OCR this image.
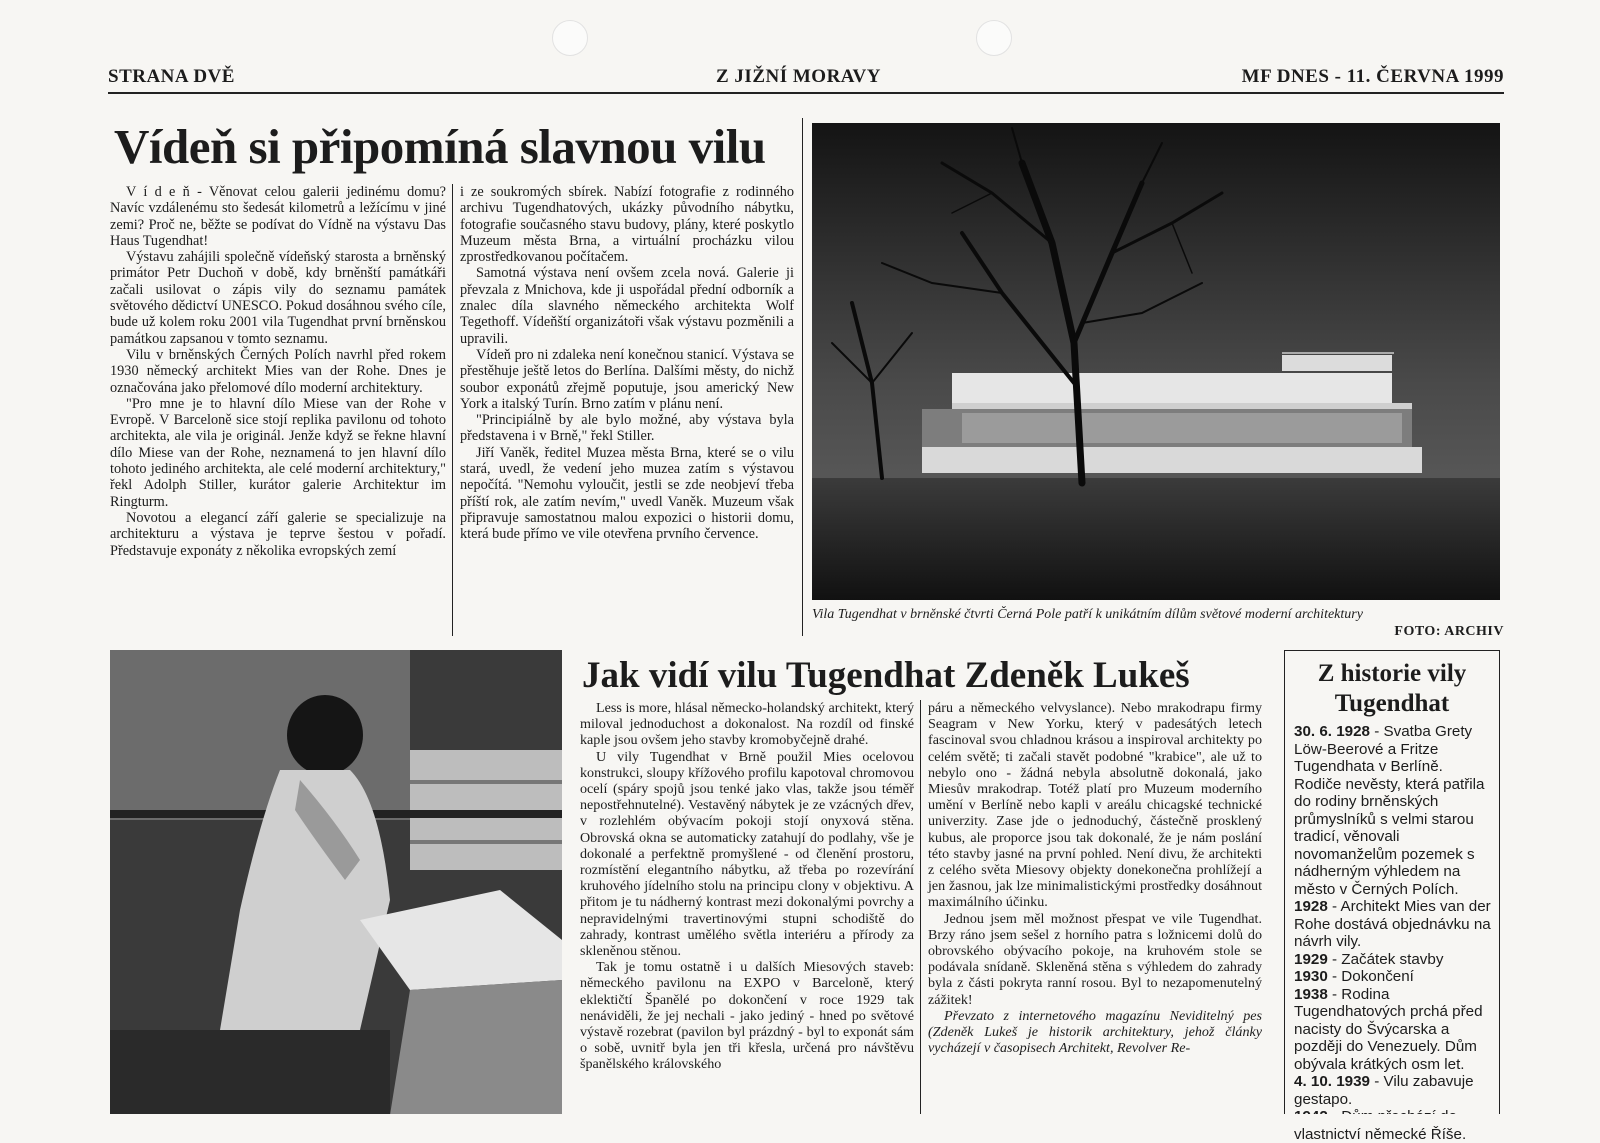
STRANA DVĚ	Z JIŽNÍ MORAVY	MF DNES - 11. ČERVNA 1999
Vídeň si připomíná slavnou vilu

V í d e ň - Věnovat celou galerii jedinému domu? Navíc vzdálenému sto šedesát kilometrů a ležícímu v jiné zemi? Proč ne, běžte se podívat do Vídně na výstavu Das Haus Tugendhat!

Výstavu zahájili společně vídeňský starosta a brněnský primátor Petr Duchoň v době, kdy brněnští památkáři začali usilovat o zápis vily do seznamu památek světového dědictví UNESCO. Pokud dosáhnou svého cíle, bude už kolem roku 2001 vila Tugendhat první brněnskou památkou zapsanou v tomto seznamu.

Vilu v brněnských Černých Polích navrhl před rokem 1930 německý architekt Mies van der Rohe. Dnes je označována jako přelomové dílo moderní architektury.

"Pro mne je to hlavní dílo Miese van der Rohe v Evropě. V Barceloně sice stojí replika pavilonu od tohoto architekta, ale vila je originál. Jenže když se řekne hlavní dílo Miese van der Rohe, neznamená to jen hlavní dílo tohoto jediného architekta, ale celé moderní architektury," řekl Adolph Stiller, kurátor galerie Architektur im Ringturm.

Novotou a elegancí září galerie se specializuje na architekturu a výstava je teprve šestou v pořadí. Představuje exponáty z několika evropských zemí

i ze soukromých sbírek. Nabízí fotografie z rodinného archivu Tugendhatových, ukázky původního nábytku, fotografie současného stavu budovy, plány, které poskytlo Muzeum města Brna, a virtuální procházku vilou zprostředkovanou počítačem.

Samotná výstava není ovšem zcela nová. Galerie ji převzala z Mnichova, kde ji uspořádal přední odborník a znalec díla slavného německého architekta Wolf Tegethoff. Vídeňští organizátoři však výstavu pozměnili a upravili.

Vídeň pro ni zdaleka není konečnou stanicí. Výstava se přestěhuje ještě letos do Berlína. Dalšími městy, do nichž soubor exponátů zřejmě poputuje, jsou americký New York a italský Turín. Brno zatím v plánu není.

"Principiálně by ale bylo možné, aby výstava byla představena i v Brně," řekl Stiller.

Jiří Vaněk, ředitel Muzea města Brna, které se o vilu stará, uvedl, že vedení jeho muzea zatím s výstavou nepočítá. "Nemohu vyloučit, jestli se zde neobjeví třeba příští rok, ale zatím nevím," uvedl Vaněk. Muzeum však připravuje samostatnou malou expozici o historii domu, která bude přímo ve vile otevřena prvního července.

Vila Tugendhat v brněnské čtvrti Černá Pole patří k unikátním dílům světové moderní architektury
FOTO: ARCHIV
Jak vidí vilu Tugendhat Zdeněk Lukeš

Less is more, hlásal německo-holandský architekt, který miloval jednoduchost a dokonalost. Na rozdíl od finské kaple jsou ovšem jeho stavby kromobyčejně drahé.

U vily Tugendhat v Brně použil Mies ocelovou konstrukci, sloupy křížového profilu kapotoval chromovou ocelí (spáry spojů jsou tenké jako vlas, takže jsou téměř nepostřehnutelné). Vestavěný nábytek je ze vzácných dřev, v rozlehlém obývacím pokoji stojí onyxová stěna. Obrovská okna se automaticky zatahují do podlahy, vše je dokonalé a perfektně promyšlené - od členění prostoru, rozmístění elegantního nábytku, až třeba po rozevírání kruhového jídelního stolu na principu clony v objektivu. A přitom je tu nádherný kontrast mezi dokonalými povrchy a nepravidelnými travertinovými stupni schodiště do zahrady, kontrast umělého světla interiéru a přírody za skleněnou stěnou.

Tak je tomu ostatně i u dalších Miesových staveb: německého pavilonu na EXPO v Barceloně, který eklektičtí Španělé po dokončení v roce 1929 tak nenáviděli, že jej nechali - jako jediný - hned po světové výstavě rozebrat (pavilon byl prázdný - byl to exponát sám o sobě, uvnitř byla jen tři křesla, určená pro návštěvu španělského královského

páru a německého velvyslance). Nebo mrakodrapu firmy Seagram v New Yorku, který v padesátých letech fascinoval svou chladnou krásou a inspiroval architekty po celém světě; ti začali stavět podobné "krabice", ale už to nebylo ono - žádná nebyla absolutně dokonalá, jako Miesův mrakodrap. Totéž platí pro Muzeum moderního umění v Berlíně nebo kapli v areálu chicagské technické univerzity. Zase jde o jednoduchý, částečně prosklený kubus, ale proporce jsou tak dokonalé, že je nám poslání této stavby jasné na první pohled. Není divu, že architekti z celého světa Miesovy objekty donekonečna prohlížejí a jen žasnou, jak lze minimalistickými prostředky dosáhnout maximálního účinku.

Jednou jsem měl možnost přespat ve vile Tugendhat. Brzy ráno jsem sešel z horního patra s ložnicemi dolů do obrovského obývacího pokoje, na kruhovém stole se podávala snídaně. Skleněná stěna s výhledem do zahrady byla z části pokryta ranní rosou. Byl to nezapomenutelný zážitek!

Převzato z internetového magazínu Neviditelný pes (Zdeněk Lukeš je historik architektury, jehož články vycházejí v časopisech Architekt, Revolver Re-

Z historie vily Tugendhat

30. 6. 1928 - Svatba Grety Löw-Beerové a Fritze Tugendhata v Berlíně. Rodiče nevěsty, která patřila do rodiny brněnských průmyslníků s velmi starou tradicí, věnovali novomanželům pozemek s nádherným výhledem na město v Černých Polích.

1928 - Architekt Mies van der Rohe dostává objednávku na návrh vily.

1929 - Začátek stavby

1930 - Dokončení

1938 - Rodina Tugendhatových prchá před nacisty do Švýcarska a později do Venezuely. Dům obývala krátkých osm let.

4. 10. 1939 - Vilu zabavuje gestapo.

vlastnictví německé Říše.
